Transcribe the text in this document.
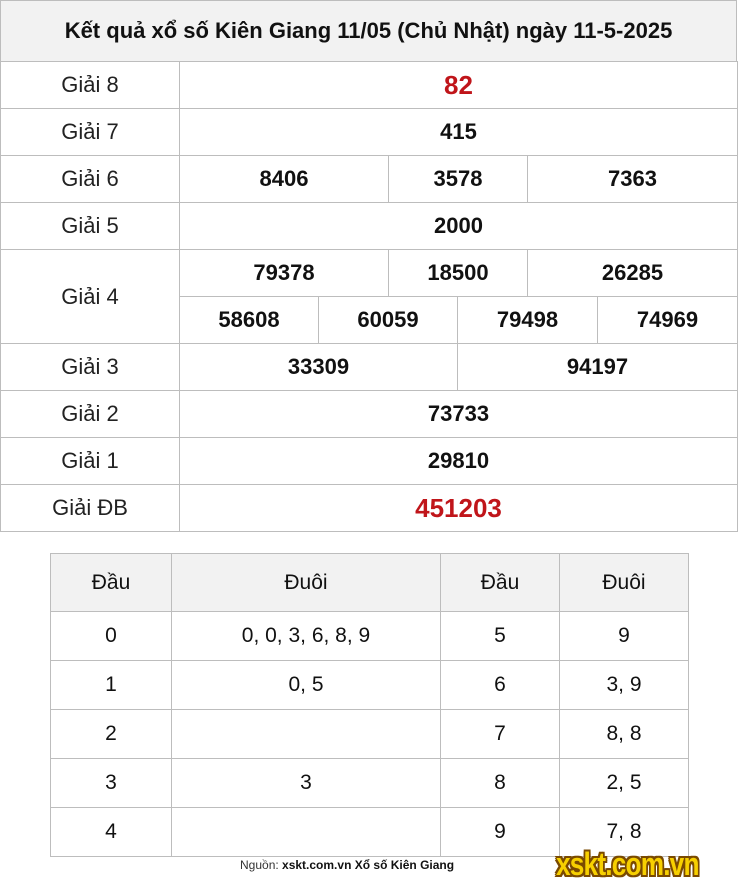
Kết quả xổ số Kiên Giang 11/05 (Chủ Nhật) ngày 11-5-2025
Giải 8	82					
Giải 7	415					
Giải 6	8406		3578		7363	
Giải 5	2000					
Giải 4	79378		18500		26285	
	58608	60059		79498		74969
Giải 3	33309			94197		
Giải 2	73733					
Giải 1	29810					
Giải ĐB	451203					
Đầu	Đuôi	Đầu	Đuôi
0	0, 0, 3, 6, 8, 9	5	9
1	0, 5	6	3, 9
2		7	8, 8
3	3	8	2, 5
4		9	7, 8
Nguồn: xskt.com.vn Xổ số Kiên Giang	xskt.com.vn
